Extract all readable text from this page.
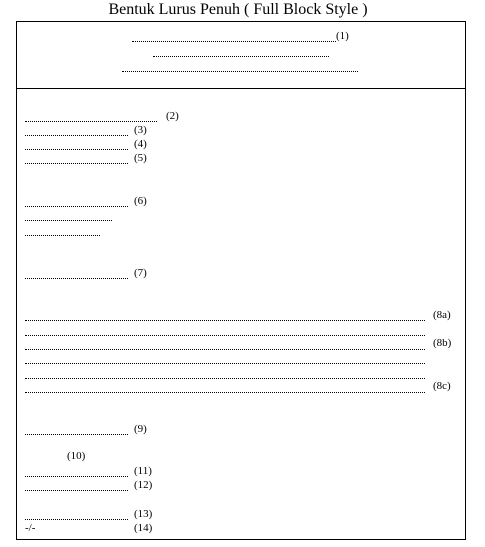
Bentuk Lurus Penuh ( Full Block Style )
(1)
(2)
(3)
(4)
(5)
(6)
(7)
(8a)
(8b)
(8c)
(9)
(10)
(11)
(12)
(13)
-/-	(14)
